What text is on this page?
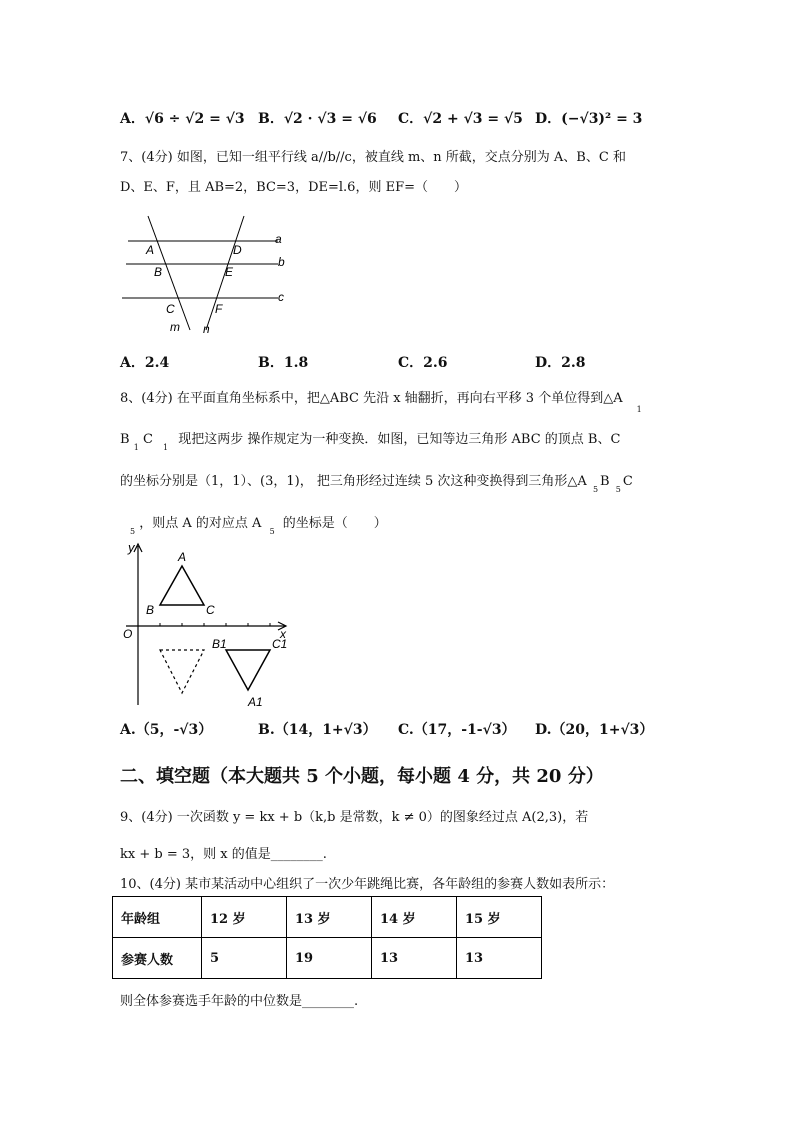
A．√6 ÷ √2 = √3 B．√2 · √3 = √6 C．√2 + √3 = √5 D．(−√3)² = 3
7、(4分) 如图，已知一组平行线 a//b//c，被直线 m、n 所截，交点分别为 A、B、C 和
D、E、F，且 AB=2，BC=3，DE=l.6，则 EF=（　　）
A	D
a
B	E
b
C	F
c
m n
A．2.4	B．1.8	C．2.6	D．2.8
8、(4分) 在平面直角坐标系中，把△ABC 先沿 x 轴翻折，再向右平移 3 个单位得到$\triangle A_1$
B $_1$ C $_1$ 现把这两步 操作规定为一种变换．如图，已知等边三角形 ABC 的顶点 B、C
的坐标分别是（1，1）、(3，1)， 把三角形经过连续 5 次这种变换得到三角形△A $_5$B $_5$C
$_5$ ，则点 A 的对应点 A $_5$ 的坐标是（　　）
y
A
B	C
O	x
B1	C1
A1
A.（5，-√3）	B.（14，1+√3） C.（17，-1-√3） D.（20，1+√3）
二、填空题（本大题共 5 个小题，每小题 4 分，共 20 分）
9、(4分) 一次函数 y = kx + b（k,b 是常数，k ≠ 0）的图象经过点 A(2,3)，若
kx + b = 3，则 x 的值是________.
10、(4分) 某市某活动中心组织了一次少年跳绳比赛，各年龄组的参赛人数如表所示：
年龄组	12 岁	13 岁	14 岁	15 岁
参赛人数	5	19	13	13
则全体参赛选手年龄的中位数是________.
